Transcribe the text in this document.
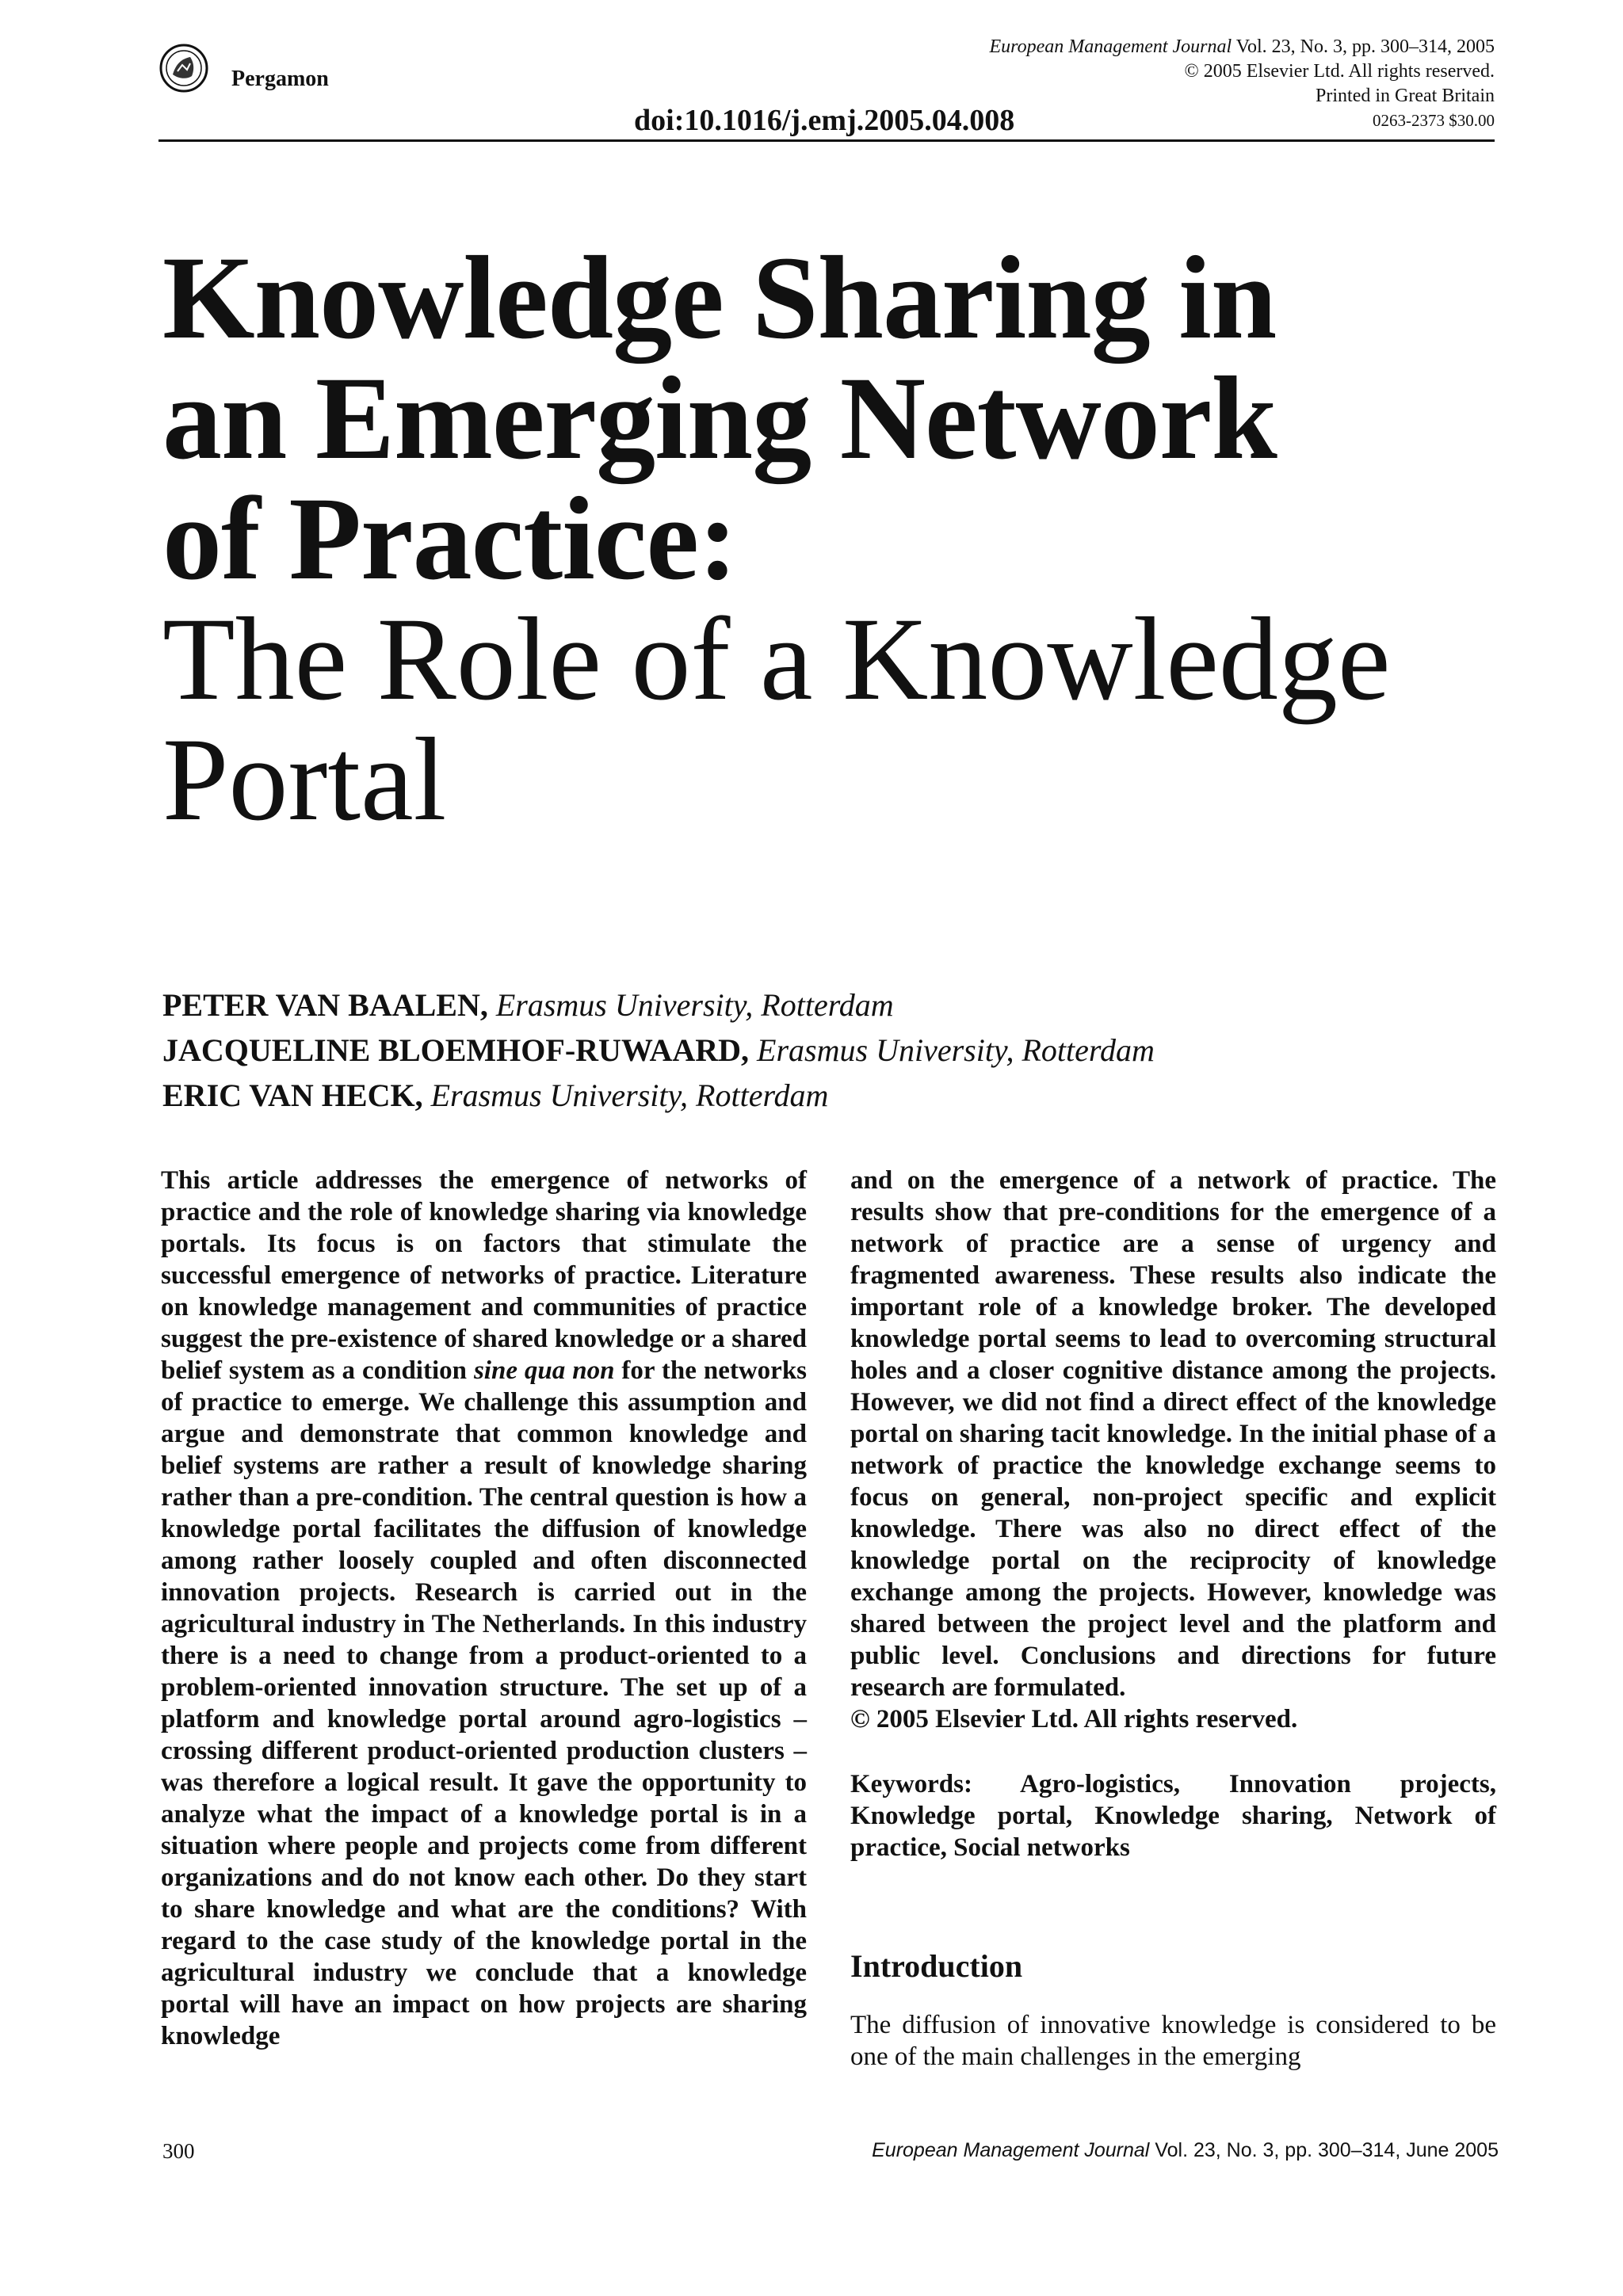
Pergamon
doi:10.1016/j.emj.2005.04.008
European Management Journal Vol. 23, No. 3, pp. 300–314, 2005
© 2005 Elsevier Ltd. All rights reserved.
Printed in Great Britain
0263-2373 $30.00
Knowledge Sharing in
an Emerging Network
of Practice:
The Role of a Knowledge
Portal
PETER VAN BAALEN, Erasmus University, Rotterdam
JACQUELINE BLOEMHOF-RUWAARD, Erasmus University, Rotterdam
ERIC VAN HECK, Erasmus University, Rotterdam

This article addresses the emergence of networks of practice and the role of knowledge sharing via knowledge portals. Its focus is on factors that stimulate the successful emergence of networks of practice. Literature on knowledge management and communities of practice suggest the pre-existence of shared knowledge or a shared belief system as a condition sine qua non for the networks of practice to emerge. We challenge this assumption and argue and demonstrate that common knowledge and belief systems are rather a result of knowledge sharing rather than a pre-condition. The central question is how a knowledge portal facilitates the diffusion of knowledge among rather loosely coupled and often disconnected innovation projects. Research is carried out in the agricultural industry in The Netherlands. In this industry there is a need to change from a product-oriented to a problem-oriented innovation structure. The set up of a platform and knowledge portal around agro-logistics – crossing different product-oriented production clusters – was therefore a logical result. It gave the opportunity to analyze what the impact of a knowledge portal is in a situation where people and projects come from different organizations and do not know each other. Do they start to share knowledge and what are the conditions? With regard to the case study of the knowledge portal in the agricultural industry we conclude that a knowledge portal will have an impact on how projects are sharing knowledge

and on the emergence of a network of practice. The results show that pre-conditions for the emergence of a network of practice are a sense of urgency and fragmented awareness. These results also indicate the important role of a knowledge broker. The developed knowledge portal seems to lead to overcoming structural holes and a closer cognitive distance among the projects. However, we did not find a direct effect of the knowledge portal on sharing tacit knowledge. In the initial phase of a network of practice the knowledge exchange seems to focus on general, non-project specific and explicit knowledge. There was also no direct effect of the knowledge portal on the reciprocity of knowledge exchange among the projects. However, knowledge was shared between the project level and the platform and public level. Conclusions and directions for future research are formulated.
© 2005 Elsevier Ltd. All rights reserved.

Keywords: Agro-logistics, Innovation projects, Knowledge portal, Knowledge sharing, Network of practice, Social networks

Introduction

The diffusion of innovative knowledge is considered to be one of the main challenges in the emerging

300	European Management Journal Vol. 23, No. 3, pp. 300–314, June 2005
